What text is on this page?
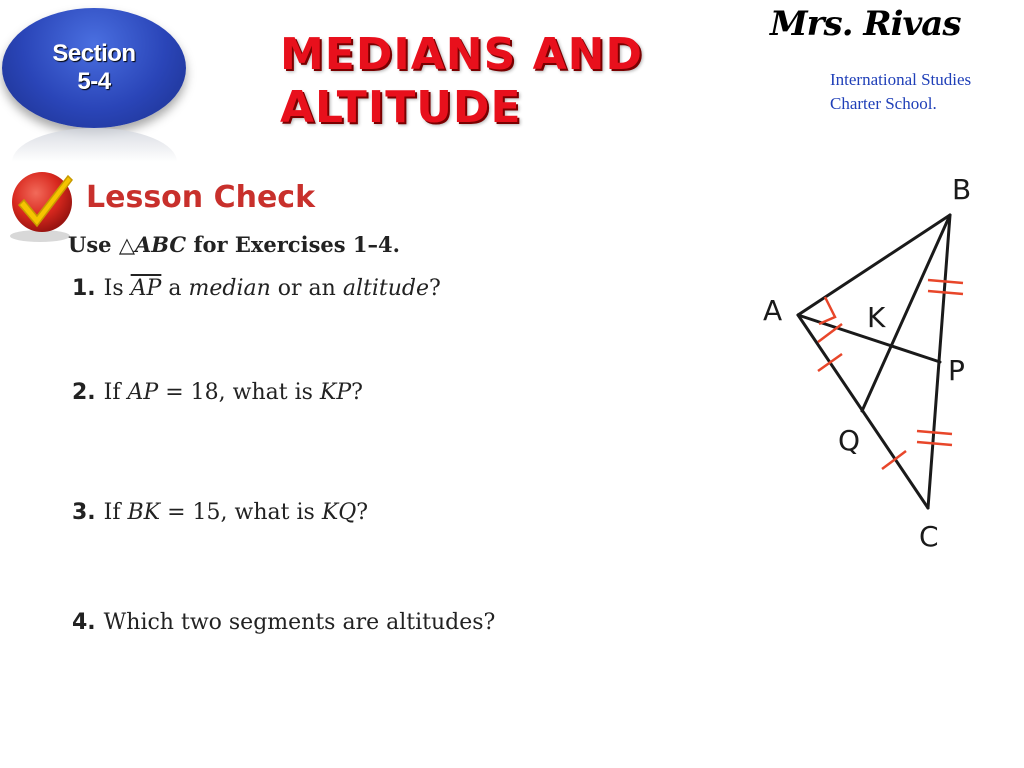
Section
5-4
MEDIANS AND
ALTITUDE
Mrs. Rivas
International Studies
Charter School.
Lesson Check
Use △ABC for Exercises 1–4.
1. Is $\overline{AP}$ a median or an altitude?
2. If AP = 18, what is KP?
3. If BK = 15, what is KQ?
4. Which two segments are altitudes?
B
A	K
P
Q
C
